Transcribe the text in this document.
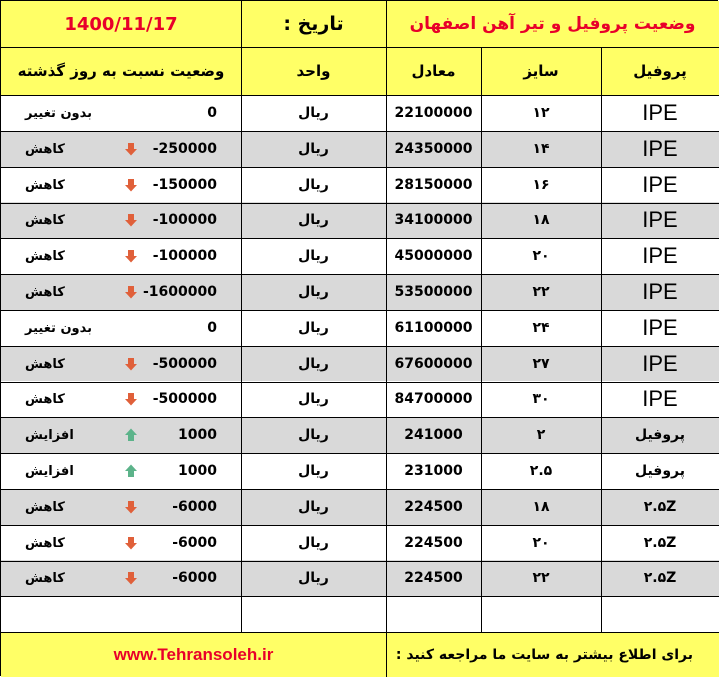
1400/11/17	تاریخ :	وضعیت پروفیل و تیر آهن اصفهان
وضعیت نسبت به روز گذشته	واحد	معادل	سایز	پروفیل
بدون تغییر	0	ریال	22100000	۱۲	IPE
کاهش	-250000	ریال	24350000	۱۴	IPE
کاهش	-150000	ریال	28150000	۱۶	IPE
کاهش	-100000	ریال	34100000	۱۸	IPE
کاهش	-100000	ریال	45000000	۲۰	IPE
کاهش	-1600000	ریال	53500000	۲۲	IPE
بدون تغییر	0	ریال	61100000	۲۴	IPE
کاهش	-500000	ریال	67600000	۲۷	IPE
کاهش	-500000	ریال	84700000	۳۰	IPE
افزایش	1000	ریال	241000	۲	پروفیل
افزایش	1000	ریال	231000	۲.۵	پروفیل
کاهش	-6000	ریال	224500	۱۸	۲.۵Z
کاهش	-6000	ریال	224500	۲۰	۲.۵Z
کاهش	-6000	ریال	224500	۲۲	۲.۵Z
www.Tehransoleh.ir	برای اطلاع بیشتر به سایت ما مراجعه کنید :
